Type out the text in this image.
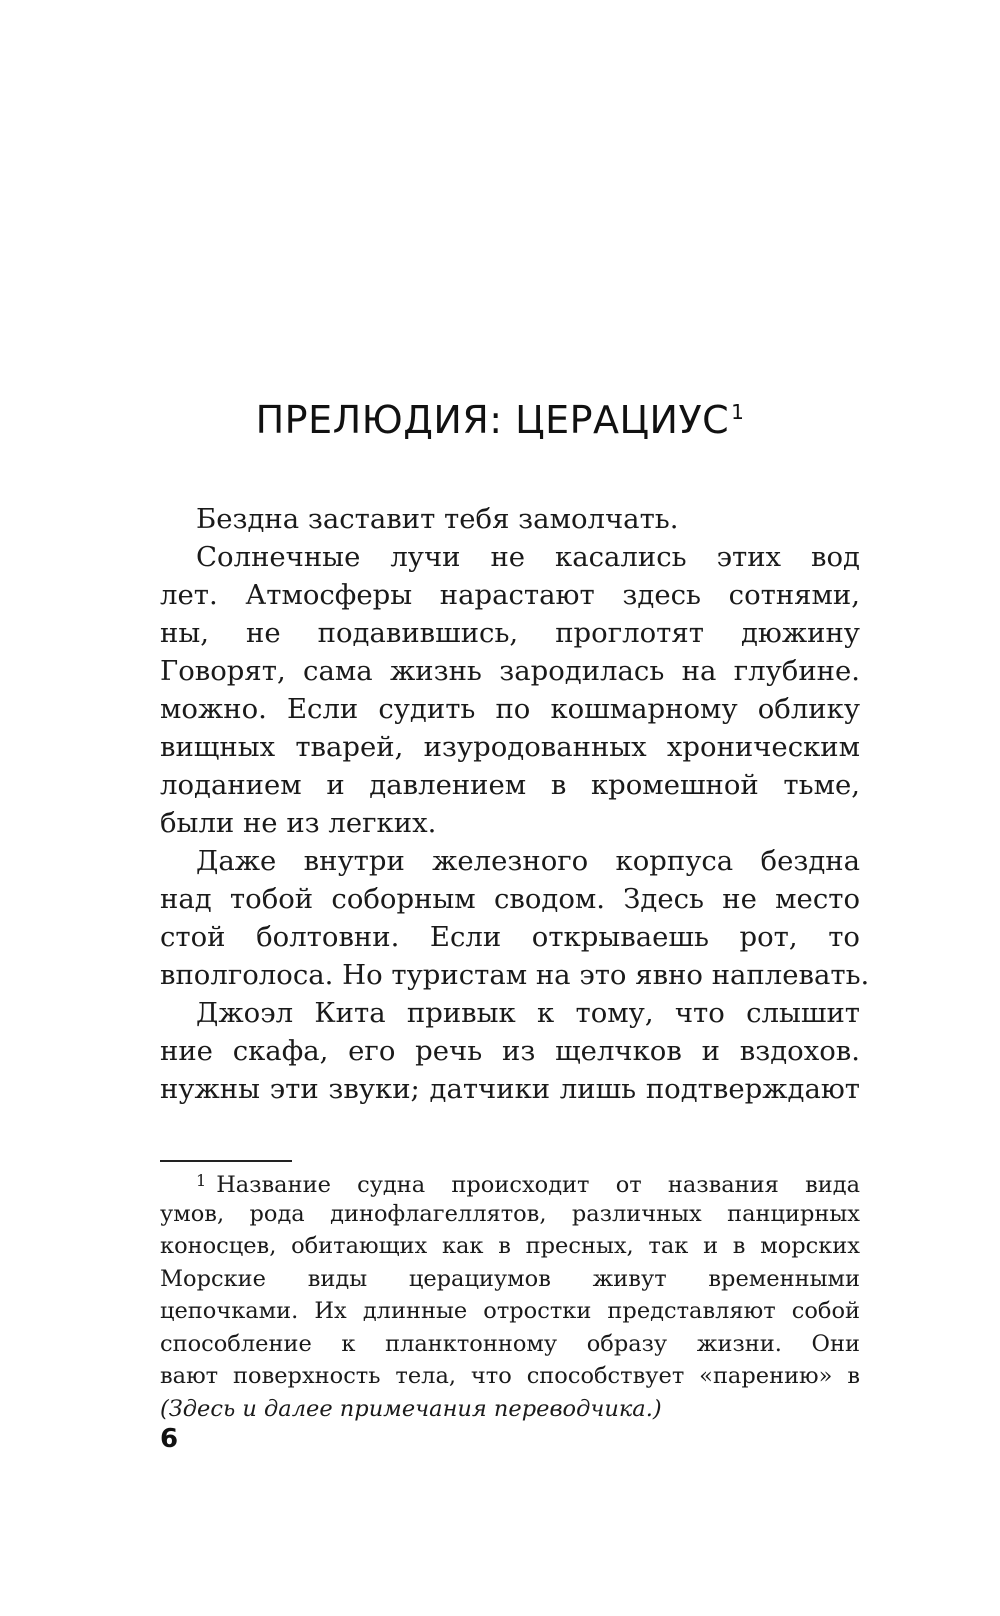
ПРЕЛЮДИЯ: ЦЕРАЦИУС $^1$
Бездна заставит тебя замолчать.
Солнечные лучи не касались этих вод
лет. Атмосферы нарастают здесь сотнями,
ны, не подавившись, проглотят дюжину
Говорят, сама жизнь зародилась на глубине.
можно. Если судить по кошмарному облику
вищных тварей, изуродованных хроническим
лоданием и давлением в кромешной тьме,
были не из легких.
Даже внутри железного корпуса бездна
над тобой соборным сводом. Здесь не место
стой болтовни. Если открываешь рот, то
вполголоса. Но туристам на это явно наплевать.
Джоэл Кита привык к тому, что слышит
ние скафа, его речь из щелчков и вздохов.
нужны эти звуки; датчики лишь подтверждают
$^1$ Название судна происходит от названия вида
умов, рода динофлагеллятов, различных панцирных
коносцев, обитающих как в пресных, так и в морских
Морские виды церациумов живут временными
цепочками. Их длинные отростки представляют собой
способление к планктонному образу жизни. Они
вают поверхность тела, что способствует «парению» в
(Здесь и далее примечания переводчика.)
6
